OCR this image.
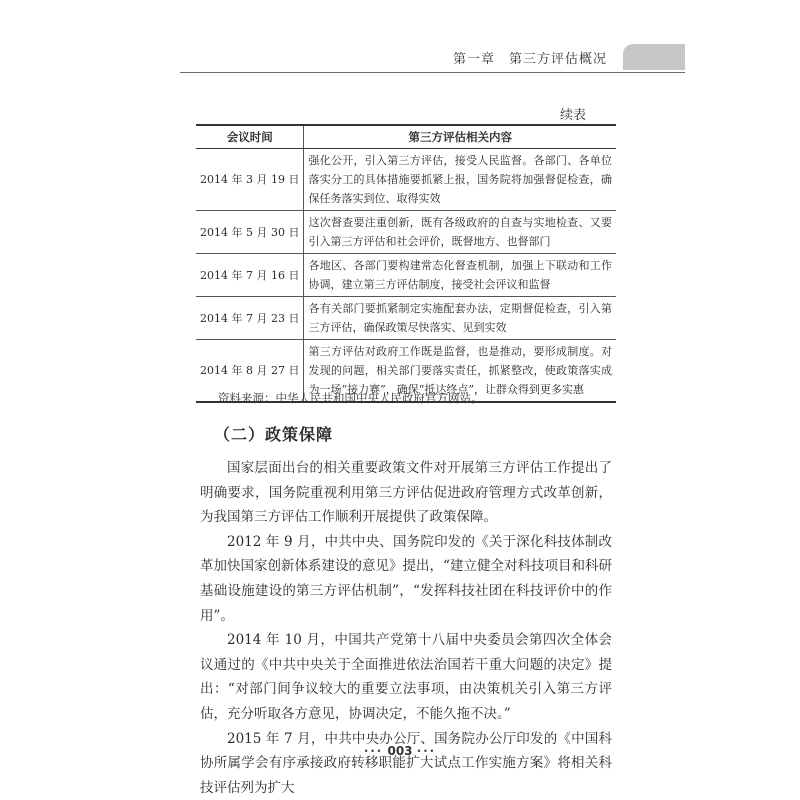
第一章　第三方评估概况
续表
会议时间	第三方评估相关内容
2014 年 3 月 19 日	强化公开，引入第三方评估，接受人民监督。各部门、各单位落实分工的具体措施要抓紧上报，国务院将加强督促检查，确保任务落实到位、取得实效
2014 年 5 月 30 日	这次督查要注重创新，既有各级政府的自查与实地检查、又要引入第三方评估和社会评价，既督地方、也督部门
2014 年 7 月 16 日	各地区、各部门要构建常态化督查机制，加强上下联动和工作协调，建立第三方评估制度，接受社会评议和监督
2014 年 7 月 23 日	各有关部门要抓紧制定实施配套办法，定期督促检查，引入第三方评估，确保政策尽快落实、见到实效
2014 年 8 月 27 日	第三方评估对政府工作既是监督，也是推动，要形成制度。对发现的问题，相关部门要落实责任，抓紧整改，使政策落实成为一场“接力赛”，确保“抵达终点”，让群众得到更多实惠
资料来源：中华人民共和国中央人民政府官方网站。
（二）政策保障

国家层面出台的相关重要政策文件对开展第三方评估工作提出了明确要求，国务院重视利用第三方评估促进政府管理方式改革创新，为我国第三方评估工作顺利开展提供了政策保障。

2012 年 9 月，中共中央、国务院印发的《关于深化科技体制改革加快国家创新体系建设的意见》提出，“建立健全对科技项目和科研基础设施建设的第三方评估机制”，“发挥科技社团在科技评价中的作用”。

2014 年 10 月，中国共产党第十八届中央委员会第四次全体会议通过的《中共中央关于全面推进依法治国若干重大问题的决定》提出：“对部门间争议较大的重要立法事项，由决策机关引入第三方评估，充分听取各方意见，协调决定，不能久拖不决。”

2015 年 7 月，中共中央办公厅、国务院办公厅印发的《中国科协所属学会有序承接政府转移职能扩大试点工作实施方案》将相关科技评估列为扩大

••• 003 •••
